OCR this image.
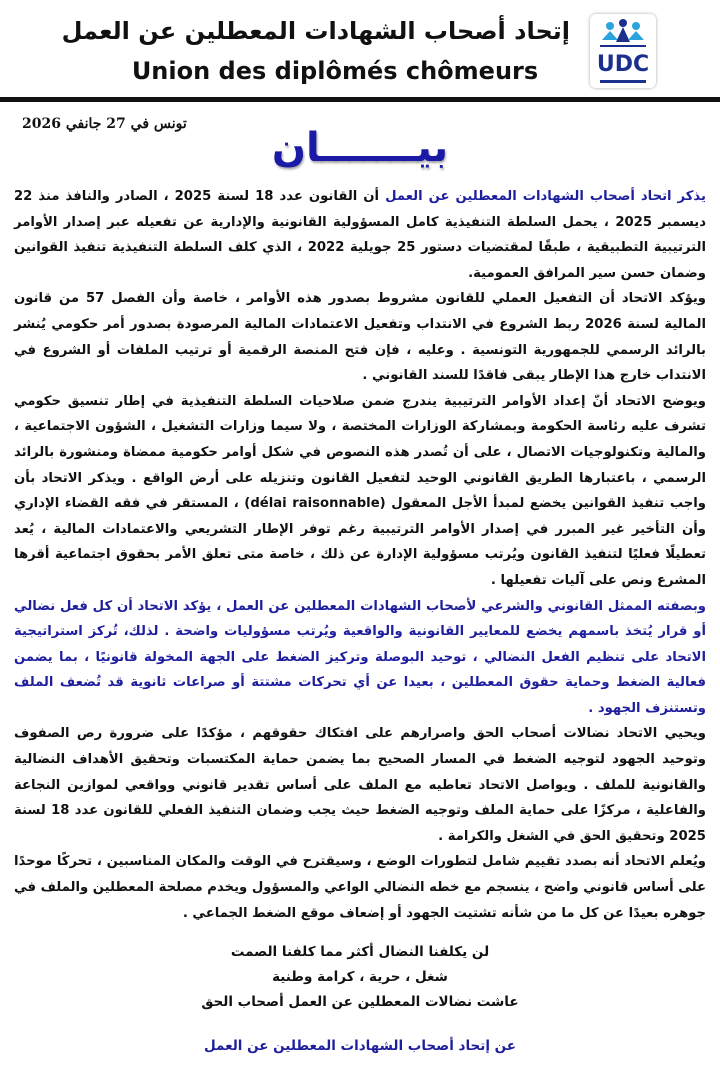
إتحاد أصحاب الشهادات المعطلين عن العمل
Union des diplômés chômeurs	UDC
تونس في 27 جانفي 2026
بيـــــــان

يذكر اتحاد أصحاب الشهادات المعطلين عن العمل أن القانون عدد 18 لسنة 2025 ، الصادر والنافذ منذ 22 ديسمبر 2025 ، يحمل السلطة التنفيذية كامل المسؤولية القانونية والإدارية عن تفعيله عبر إصدار الأوامر الترتيبية التطبيقية ، طبقًا لمقتضيات دستور 25 جويلية 2022 ، الذي كلف السلطة التنفيذية تنفيذ القوانين وضمان حسن سير المرافق العمومية.

ويؤكد الاتحاد أن التفعيل العملي للقانون مشروط بصدور هذه الأوامر ، خاصة وأن الفصل 57 من قانون المالية لسنة 2026 ربط الشروع في الانتداب وتفعيل الاعتمادات المالية المرصودة بصدور أمر حكومي يُنشر بالرائد الرسمي للجمهورية التونسية . وعليه ، فإن فتح المنصة الرقمية أو ترتيب الملفات أو الشروع في الانتداب خارج هذا الإطار يبقى فاقدًا للسند القانوني .

ويوضح الاتحاد أنّ إعداد الأوامر الترتيبية يندرج ضمن صلاحيات السلطة التنفيذية في إطار تنسيق حكومي تشرف عليه رئاسة الحكومة وبمشاركة الوزارات المختصة ، ولا سيما وزارات التشغيل ، الشؤون الاجتماعية ، والمالية وتكنولوجيات الاتصال ، على أن تُصدر هذه النصوص في شكل أوامر حكومية ممضاة ومنشورة بالرائد الرسمي ، باعتبارها الطريق القانوني الوحيد لتفعيل القانون وتنزيله على أرض الواقع . ويذكر الاتحاد بأن واجب تنفيذ القوانين يخضع لمبدأ الأجل المعقول (délai raisonnable) ، المستقر في فقه القضاء الإداري وأن التأخير غير المبرر في إصدار الأوامر الترتيبية رغم توفر الإطار التشريعي والاعتمادات المالية ، يُعد تعطيلًا فعليًا لتنفيذ القانون ويُرتب مسؤولية الإدارة عن ذلك ، خاصة متى تعلق الأمر بحقوق اجتماعية أقرها المشرع ونص على آليات تفعيلها .

وبصفته الممثل القانوني والشرعي لأصحاب الشهادات المعطلين عن العمل ، يؤكد الاتحاد أن كل فعل نضالي أو قرار يُتخذ باسمهم يخضع للمعايير القانونية والواقعية ويُرتب مسؤوليات واضحة . لذلك، تُركز استراتيجية الاتحاد على تنظيم الفعل النضالي ، توحيد البوصلة وتركيز الضغط على الجهة المخولة قانونيًا ، بما يضمن فعالية الضغط وحماية حقوق المعطلين ، بعيدا عن أي تحركات مشتتة أو صراعات ثانوية قد تُضعف الملف وتستنزف الجهود .

ويحيي الاتحاد نضالات أصحاب الحق واصرارهم على افتكاك حقوقهم ، مؤكدًا على ضرورة رص الصفوف وتوحيد الجهود لتوجيه الضغط في المسار الصحيح بما يضمن حماية المكتسبات وتحقيق الأهداف النضالية والقانونية للملف . ويواصل الاتحاد تعاطيه مع الملف على أساس تقدير قانوني وواقعي لموازين النجاعة والفاعلية ، مركزًا على حماية الملف وتوجيه الضغط حيث يجب وضمان التنفيذ الفعلي للقانون عدد 18 لسنة 2025 وتحقيق الحق في الشغل والكرامة .

ويُعلم الاتحاد أنه بصدد تقييم شامل لتطورات الوضع ، وسيقترح في الوقت والمكان المناسبين ، تحركًا موحدًا على أساس قانوني واضح ، ينسجم مع خطه النضالي الواعي والمسؤول ويخدم مصلحة المعطلين والملف في جوهره بعيدًا عن كل ما من شأنه تشتيت الجهود أو إضعاف موقع الضغط الجماعي .

لن يكلفنا النضال أكثر مما كلفنا الصمت
شغل ، حرية ، كرامة وطنية
عاشت نضالات المعطلين عن العمل أصحاب الحق
عن إتحاد أصحاب الشهادات المعطلين عن العمل
